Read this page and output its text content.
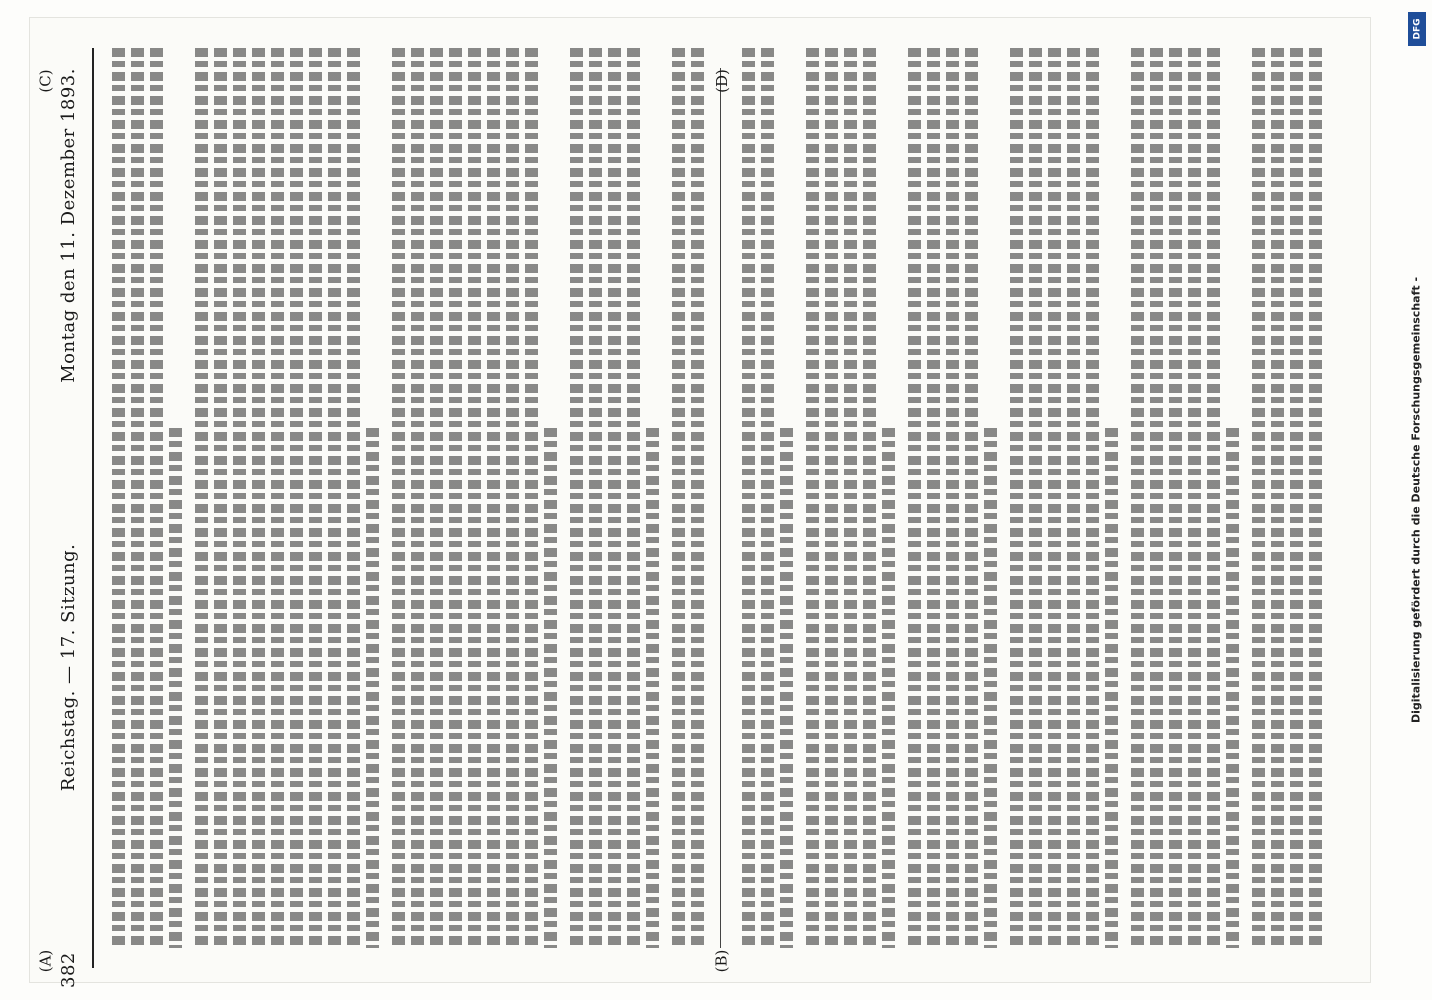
382
Reichstag. — 17. Sitzung.
Montag den 11. Dezember 1893.
(A)	(B)
(C)	(D)
Digitalisierung gefördert durch die Deutsche Forschungsgemeinschaft -
DFG
